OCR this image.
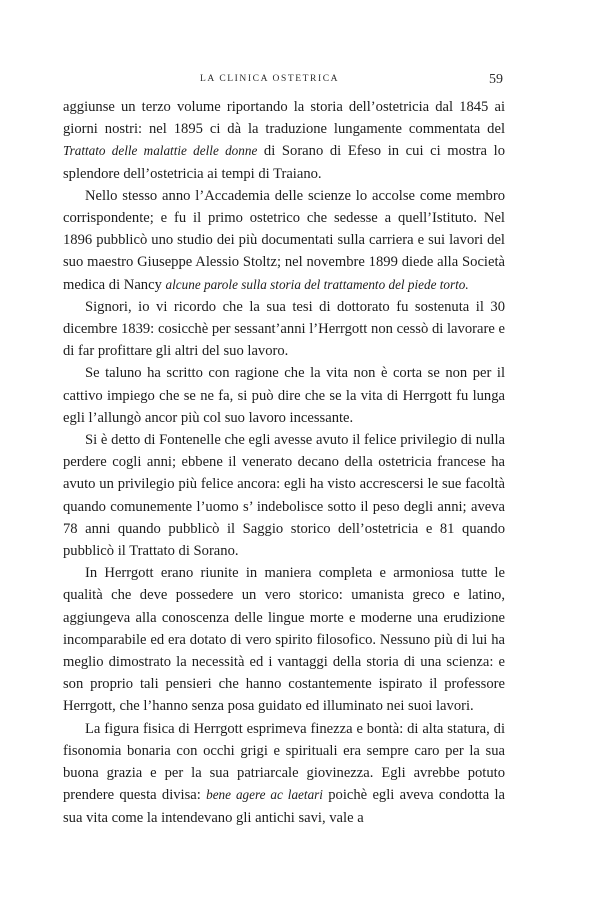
LA CLINICA OSTETRICA	59

aggiunse un terzo volume riportando la storia dell’ostetricia dal 1845 ai giorni nostri: nel 1895 ci dà la traduzione lungamente commentata del Trattato delle malattie delle donne di Sorano di Efeso in cui ci mostra lo splendore dell’ostetricia ai tempi di Traiano.

Nello stesso anno l’Accademia delle scienze lo accolse come membro corrispondente; e fu il primo ostetrico che sedesse a quell’Istituto. Nel 1896 pubblicò uno studio dei più documentati sulla carriera e sui lavori del suo maestro Giuseppe Alessio Stoltz; nel novembre 1899 diede alla Società medica di Nancy alcune parole sulla storia del trattamento del piede torto.

Signori, io vi ricordo che la sua tesi di dottorato fu sostenuta il 30 dicembre 1839: cosicchè per sessant’anni l’Herrgott non cessò di lavorare e di far profittare gli altri del suo lavoro.

Se taluno ha scritto con ragione che la vita non è corta se non per il cattivo impiego che se ne fa, si può dire che se la vita di Herrgott fu lunga egli l’allungò ancor più col suo lavoro incessante.

Si è detto di Fontenelle che egli avesse avuto il felice privilegio di nulla perdere cogli anni; ebbene il venerato decano della ostetricia francese ha avuto un privilegio più felice ancora: egli ha visto accrescersi le sue facoltà quando comunemente l’uomo s’ indebolisce sotto il peso degli anni; aveva 78 anni quando pubblicò il Saggio storico dell’ostetricia e 81 quando pubblicò il Trattato di Sorano.

In Herrgott erano riunite in maniera completa e armoniosa tutte le qualità che deve possedere un vero storico: umanista greco e latino, aggiungeva alla conoscenza delle lingue morte e moderne una erudizione incomparabile ed era dotato di vero spirito filosofico. Nessuno più di lui ha meglio dimostrato la necessità ed i vantaggi della storia di una scienza: e son proprio tali pensieri che hanno costantemente ispirato il professore Herrgott, che l’hanno senza posa guidato ed illuminato nei suoi lavori.

La figura fisica di Herrgott esprimeva finezza e bontà: di alta statura, di fisonomia bonaria con occhi grigi e spirituali era sempre caro per la sua buona grazia e per la sua patriarcale giovinezza. Egli avrebbe potuto prendere questa divisa: bene agere ac laetari poichè egli aveva condotta la sua vita come la intendevano gli antichi savi, vale a
